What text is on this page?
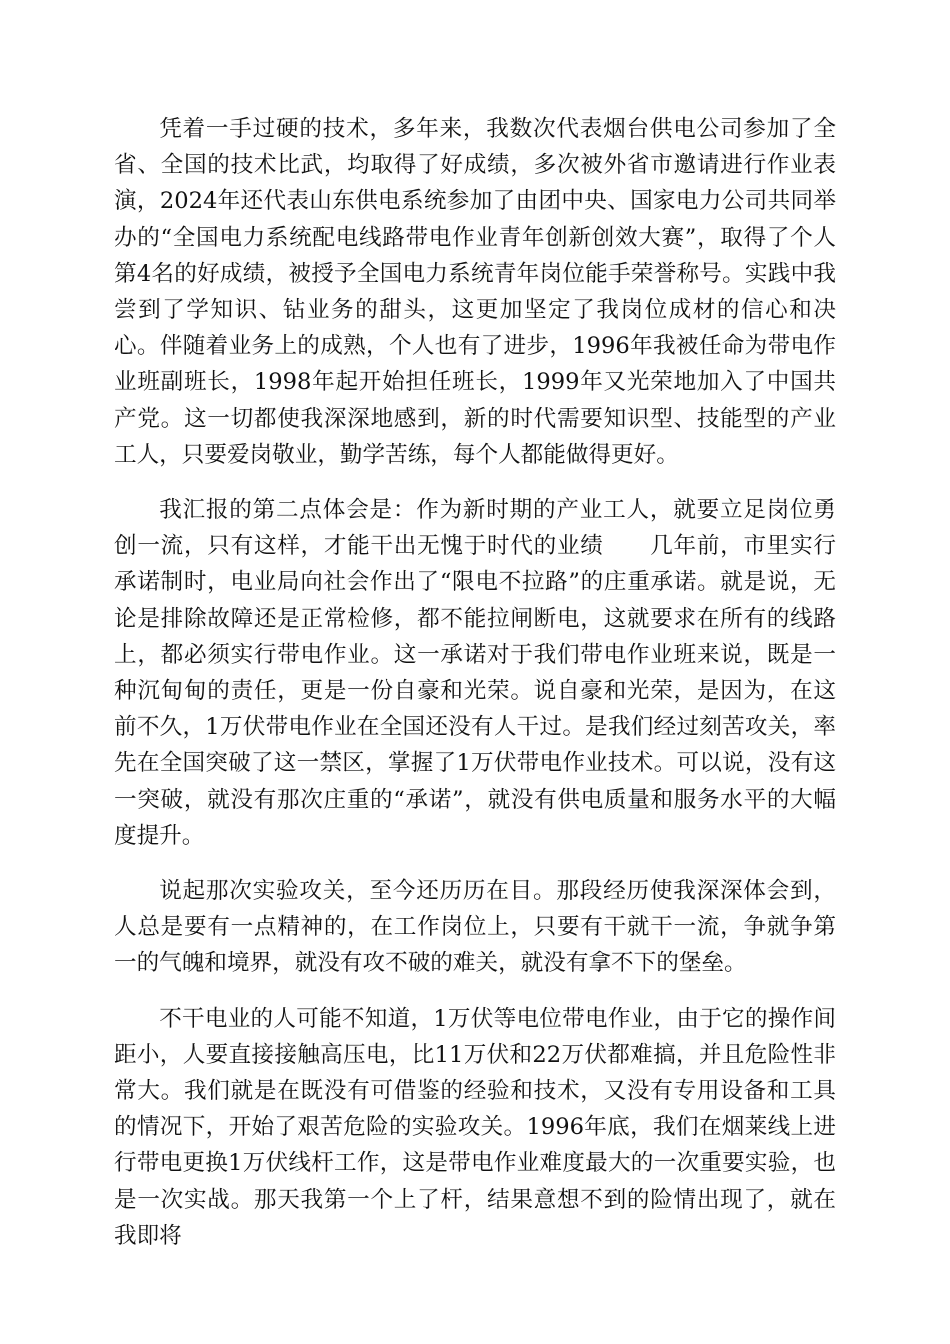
凭着一手过硬的技术，多年来，我数次代表烟台供电公司参加了全省、全国的技术比武，均取得了好成绩，多次被外省市邀请进行作业表演，2024年还代表山东供电系统参加了由团中央、国家电力公司共同举办的“全国电力系统配电线路带电作业青年创新创效大赛”，取得了个人第4名的好成绩，被授予全国电力系统青年岗位能手荣誉称号。实践中我尝到了学知识、钻业务的甜头，这更加坚定了我岗位成材的信心和决心。伴随着业务上的成熟，个人也有了进步，1996年我被任命为带电作业班副班长，1998年起开始担任班长，1999年又光荣地加入了中国共产党。这一切都使我深深地感到，新的时代需要知识型、技能型的产业工人，只要爱岗敬业，勤学苦练，每个人都能做得更好。

我汇报的第二点体会是：作为新时期的产业工人，就要立足岗位勇创一流，只有这样，才能干出无愧于时代的业绩　　几年前，市里实行承诺制时，电业局向社会作出了“限电不拉路”的庄重承诺。就是说，无论是排除故障还是正常检修，都不能拉闸断电，这就要求在所有的线路上，都必须实行带电作业。这一承诺对于我们带电作业班来说，既是一种沉甸甸的责任，更是一份自豪和光荣。说自豪和光荣，是因为，在这前不久，1万伏带电作业在全国还没有人干过。是我们经过刻苦攻关，率先在全国突破了这一禁区，掌握了1万伏带电作业技术。可以说，没有这一突破，就没有那次庄重的“承诺”，就没有供电质量和服务水平的大幅度提升。

说起那次实验攻关，至今还历历在目。那段经历使我深深体会到，人总是要有一点精神的，在工作岗位上，只要有干就干一流，争就争第一的气魄和境界，就没有攻不破的难关，就没有拿不下的堡垒。

不干电业的人可能不知道，1万伏等电位带电作业，由于它的操作间距小，人要直接接触高压电，比11万伏和22万伏都难搞，并且危险性非常大。我们就是在既没有可借鉴的经验和技术，又没有专用设备和工具的情况下，开始了艰苦危险的实验攻关。1996年底，我们在烟莱线上进行带电更换1万伏线杆工作，这是带电作业难度最大的一次重要实验，也是一次实战。那天我第一个上了杆，结果意想不到的险情出现了，就在我即将
